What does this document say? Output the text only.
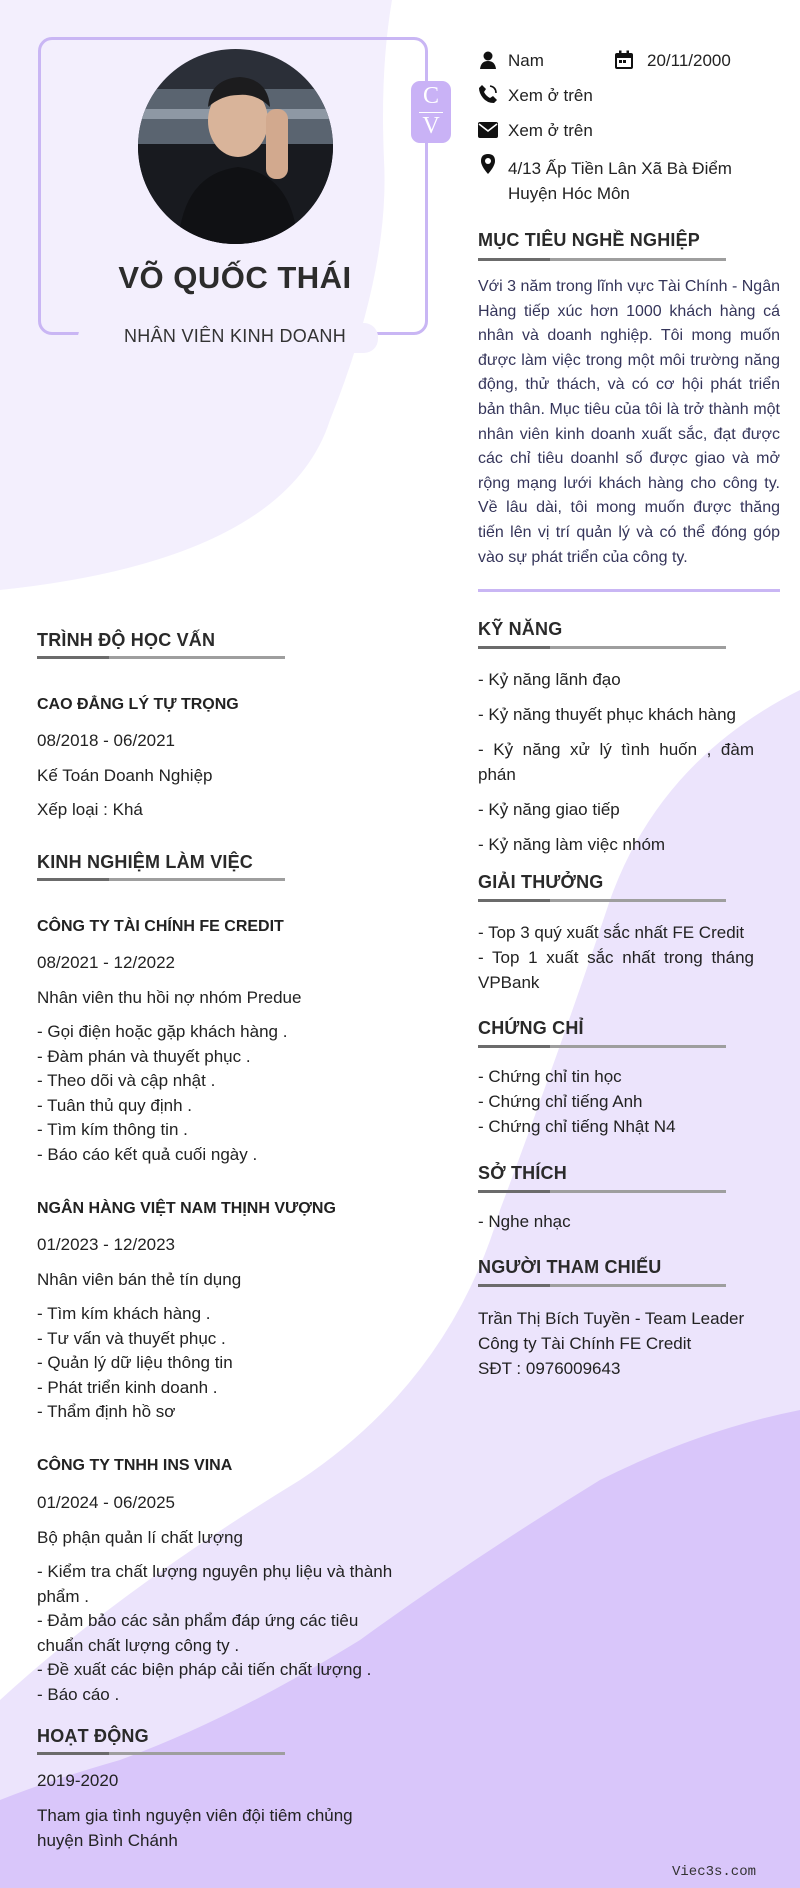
VÕ QUỐC THÁI
NHÂN VIÊN KINH DOANH
C
V
Nam	20/11/2000
Xem ở trên
Xem ở trên
4/13 Ấp Tiền Lân Xã Bà Điểm
Huyện Hóc Môn
MỤC TIÊU NGHỀ NGHIỆP
Với 3 năm trong lĩnh vực Tài Chính - Ngân Hàng tiếp xúc hơn 1000 khách hàng cá nhân và doanh nghiệp. Tôi mong muốn được làm việc trong một môi trường năng động, thử thách, và có cơ hội phát triển bản thân. Mục tiêu của tôi là trở thành một nhân viên kinh doanh xuất sắc, đạt được các chỉ tiêu doanhl số được giao và mở rộng mạng lưới khách hàng cho công ty. Về lâu dài, tôi mong muốn được thăng tiến lên vị trí quản lý và có thể đóng góp vào sự phát triển của công ty.
KỸ NĂNG
- Kỷ năng lãnh đạo
- Kỷ năng thuyết phục khách hàng
- Kỷ năng xử lý tình huốn , đàm phán
- Kỷ năng giao tiếp
- Kỷ năng làm việc nhóm
GIẢI THƯỞNG
- Top 3 quý xuất sắc nhất FE Credit
- Top 1 xuất sắc nhất trong tháng VPBank
CHỨNG CHỈ
- Chứng chỉ tin học
- Chứng chỉ tiếng Anh
- Chứng chỉ tiếng Nhật N4
SỞ THÍCH
- Nghe nhạc
NGƯỜI THAM CHIẾU
Trần Thị Bích Tuyền - Team Leader
Công ty Tài Chính FE Credit
SĐT : 0976009643
TRÌNH ĐỘ HỌC VẤN
CAO ĐẲNG LÝ TỰ TRỌNG
08/2018 - 06/2021
Kế Toán Doanh Nghiệp
Xếp loại : Khá
KINH NGHIỆM LÀM VIỆC
CÔNG TY TÀI CHÍNH FE CREDIT
08/2021 - 12/2022
Nhân viên thu hồi nợ nhóm Predue
- Gọi điện hoặc gặp khách hàng .
- Đàm phán và thuyết phục .
- Theo dõi và cập nhật .
- Tuân thủ quy định .
- Tìm kím thông tin .
- Báo cáo kết quả cuối ngày .
NGÂN HÀNG VIỆT NAM THỊNH VƯỢNG
01/2023 - 12/2023
Nhân viên bán thẻ tín dụng
- Tìm kím khách hàng .
- Tư vấn và thuyết phục .
- Quản lý dữ liệu thông tin
- Phát triển kinh doanh .
- Thẩm định hồ sơ
CÔNG TY TNHH INS VINA
01/2024 - 06/2025
Bộ phận quản lí chất lượng
- Kiểm tra chất lượng nguyên phụ liệu và thành phẩm .
- Đảm bảo các sản phẩm đáp ứng các tiêu chuẩn chất lượng công ty .
- Đề xuất các biện pháp cải tiến chất lượng .
- Báo cáo .
HOẠT ĐỘNG
2019-2020
Tham gia tình nguyện viên đội tiêm chủng huyện Bình Chánh
Viec3s.com
